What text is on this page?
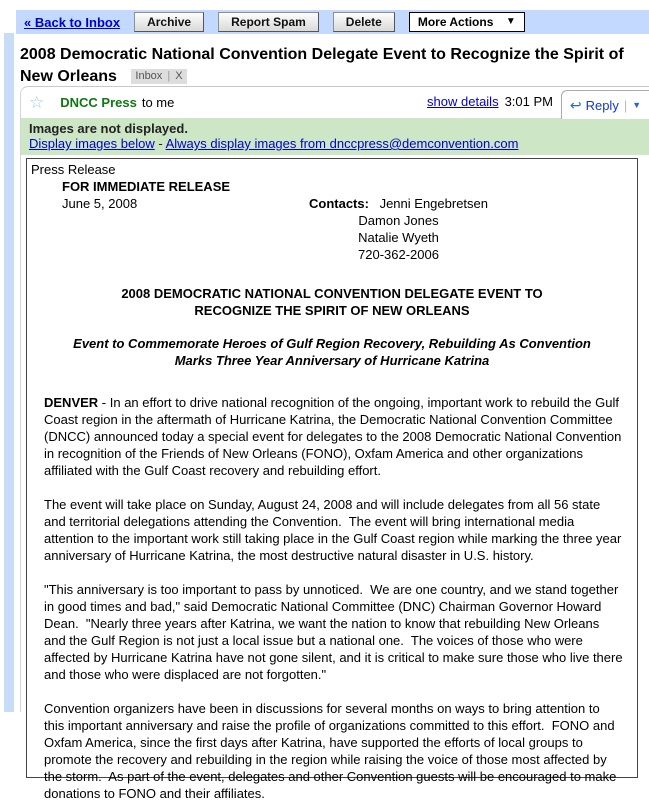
« Back to Inbox	Archive	Report Spam	Delete	More Actions ▼
2008 Democratic National Convention Delegate Event to Recognize the Spirit of New Orleans Inbox | X
☆ DNCC Press to me	show details 3:01 PM ↩ Reply | ▼
Images are not displayed.
Display images below - Always display images from dnccpress@demconvention.com
Press Release
FOR IMMEDIATE RELEASE
June 5, 2008	Contacts: Jenni Engebretsen
Damon Jones
Natalie Wyeth
720-362-2006
2008 DEMOCRATIC NATIONAL CONVENTION DELEGATE EVENT TO
RECOGNIZE THE SPIRIT OF NEW ORLEANS
Event to Commemorate Heroes of Gulf Region Recovery, Rebuilding As Convention Marks Three Year Anniversary of Hurricane Katrina

DENVER - In an effort to drive national recognition of the ongoing, important work to rebuild the Gulf Coast region in the aftermath of Hurricane Katrina, the Democratic National Convention Committee (DNCC) announced today a special event for delegates to the 2008 Democratic National Convention in recognition of the Friends of New Orleans (FONO), Oxfam America and other organizations affiliated with the Gulf Coast recovery and rebuilding effort.

The event will take place on Sunday, August 24, 2008 and will include delegates from all 56 state and territorial delegations attending the Convention.  The event will bring international media attention to the important work still taking place in the Gulf Coast region while marking the three year anniversary of Hurricane Katrina, the most destructive natural disaster in U.S. history.

"This anniversary is too important to pass by unnoticed.  We are one country, and we stand together in good times and bad," said Democratic National Committee (DNC) Chairman Governor Howard Dean.  "Nearly three years after Katrina, we want the nation to know that rebuilding New Orleans and the Gulf Region is not just a local issue but a national one.  The voices of those who were affected by Hurricane Katrina have not gone silent, and it is critical to make sure those who live there and those who were displaced are not forgotten."

Convention organizers have been in discussions for several months on ways to bring attention to this important anniversary and raise the profile of organizations committed to this effort.  FONO and Oxfam America, since the first days after Katrina, have supported the efforts of local groups to promote the recovery and rebuilding in the region while raising the voice of those most affected by the storm.  As part of the event, delegates and other Convention guests will be encouraged to make donations to FONO and their affiliates.
